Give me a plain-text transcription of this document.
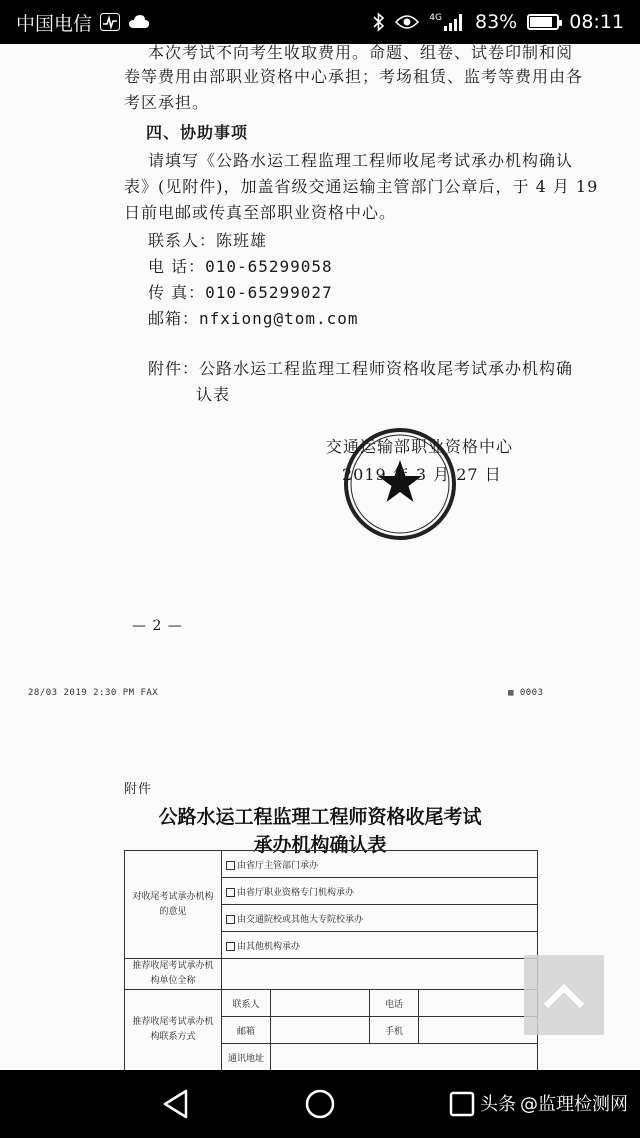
中国电信	4G 83%	08:11
本次考试不向考生收取费用。命题、组卷、试卷印制和阅
卷等费用由部职业资格中心承担；考场租赁、监考等费用由各
考区承担。
四、协助事项
请填写《公路水运工程监理工程师收尾考试承办机构确认
表》(见附件)，加盖省级交通运输主管部门公章后，于 4 月 19
日前电邮或传真至部职业资格中心。
联系人：陈班雄
电 话：010-65299058
传 真：010-65299027
邮箱：nfxiong@tom.com
附件：公路水运工程监理工程师资格收尾考试承办机构确
认表
交通运输部职业资格中心
2019 年 3 月 27 日
— 2 —
28/03 2019 2:30 PM FAX	▦ 0003
附件
公路水运工程监理工程师资格收尾考试
承办机构确认表
对收尾考试承办机构的意见	由省厅主管部门承办			
	由省厅职业资格专门机构承办			
	由交通院校或其他大专院校承办			
	由其他机构承办			
推荐收尾考试承办机构单位全称				
推荐收尾考试承办机构联系方式	联系人		电话	
	邮箱		手机	
	通讯地址			
头条 @监理检测网
